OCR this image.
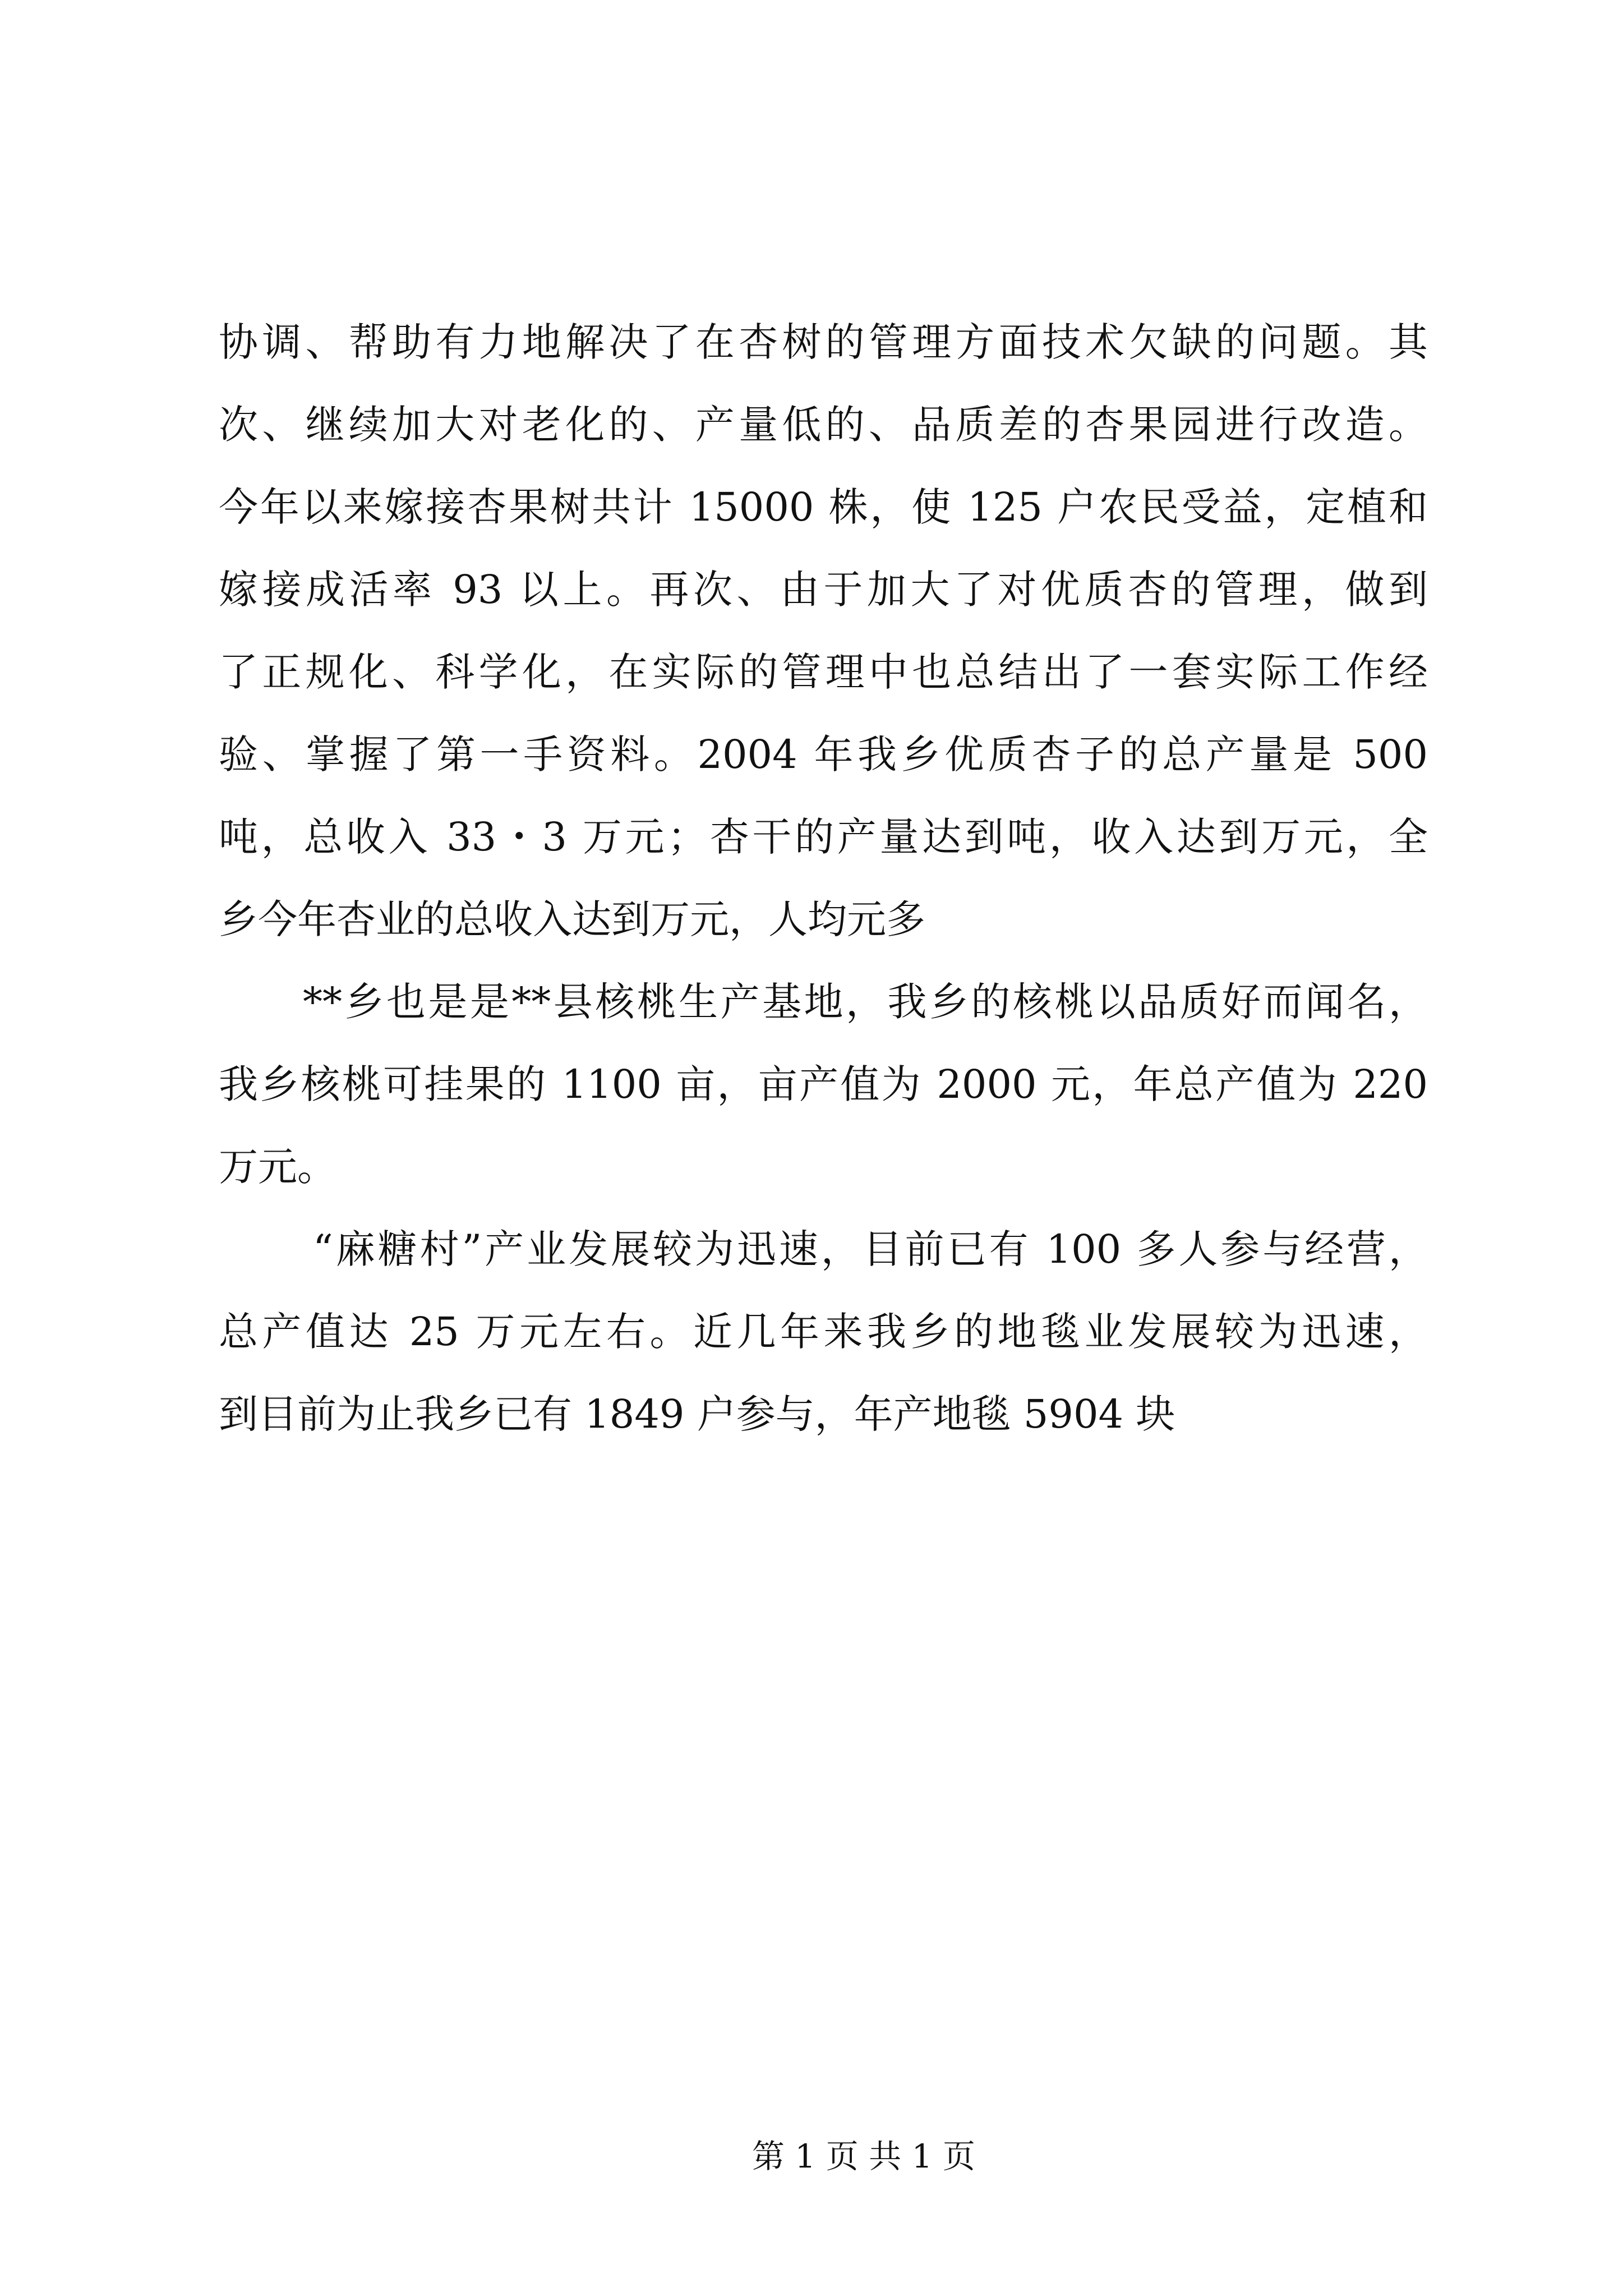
协调、帮助有力地解决了在杏树的管理方面技术欠缺的问题。其
次、继续加大对老化的、产量低的、品质差的杏果园进行改造。
今年以来嫁接杏果树共计 15000 株，使 125 户农民受益，定植和
嫁接成活率 93 以上。再次、由于加大了对优质杏的管理，做到
了正规化、科学化，在实际的管理中也总结出了一套实际工作经
验、掌握了第一手资料。2004 年我乡优质杏子的总产量是 500
吨，总收入 33・3 万元；杏干的产量达到吨，收入达到万元，全
乡今年杏业的总收入达到万元，人均元多
**乡也是是**县核桃生产基地，我乡的核桃以品质好而闻名，
我乡核桃可挂果的 1100 亩，亩产值为 2000 元，年总产值为 220
万元。
“麻糖村”产业发展较为迅速，目前已有 100 多人参与经营，
总产值达 25 万元左右。近几年来我乡的地毯业发展较为迅速，
到目前为止我乡已有 1849 户参与，年产地毯 5904 块
第 1 页 共 1 页
